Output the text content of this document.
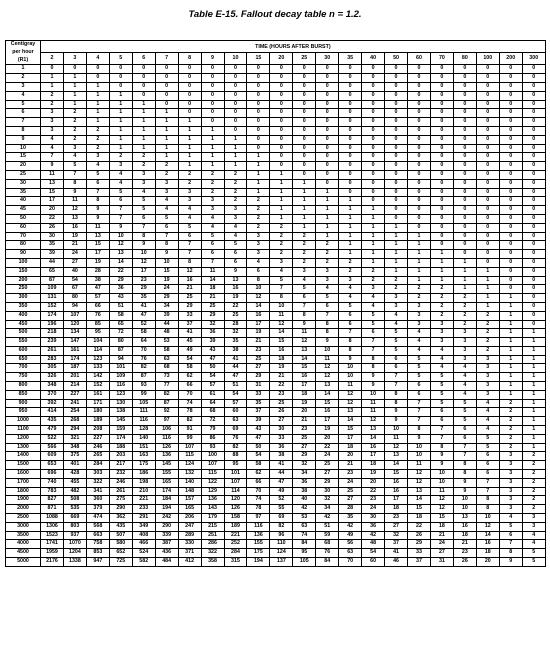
Table E-15. Fallout decay table n = 1.2.
Centigray
per hour
(R1)	TIME (HOURS AFTER BURST)																					
	2	3	4	5	6	7	8	9	10	15	20	25	30	35	40	50	60	70	80	100	200	300
1	0	0	0	0	0	0	0	0	0	0	0	0	0	0	0	0	0	0	0	0	0	0
2	1	1	0	0	0	0	0	0	0	0	0	0	0	0	0	0	0	0	0	0	0	0
3	1	1	1	0	0	0	0	0	0	0	0	0	0	0	0	0	0	0	0	0	0	0
4	2	1	1	1	0	0	0	0	0	0	0	0	0	0	0	0	0	0	0	0	0	0
5	2	1	1	1	1	0	0	0	0	0	0	0	0	0	0	0	0	0	0	0	0	0
6	3	2	1	1	1	1	0	0	0	0	0	0	0	0	0	0	0	0	0	0	0	0
7	3	2	1	1	1	1	1	0	0	0	0	0	0	0	0	0	0	0	0	0	0	0
8	3	2	2	1	1	1	1	1	0	0	0	0	0	0	0	0	0	0	0	0	0	0
9	4	2	2	1	1	1	1	1	1	0	0	0	0	0	0	0	0	0	0	0	0	0
10	4	3	2	1	1	1	1	1	1	0	0	0	0	0	0	0	0	0	0	0	0	0
15	7	4	3	2	2	1	1	1	1	1	0	0	0	0	0	0	0	0	0	0	0	0
20	9	5	4	3	2	2	1	1	1	1	0	0	0	0	0	0	0	0	0	0	0	0
25	11	7	5	4	3	2	2	2	2	1	1	0	0	0	0	0	0	0	0	0	0	0
30	13	8	6	4	3	3	2	2	2	1	1	1	0	0	0	0	0	0	0	0	0	0
35	15	9	7	5	4	3	3	2	2	1	1	1	1	0	0	0	0	0	0	0	0	0
40	17	11	8	6	5	4	3	3	2	2	1	1	1	1	0	0	0	0	0	0	0	0
45	20	12	9	7	5	4	4	3	3	2	1	1	1	1	1	0	0	0	0	0	0	0
50	22	13	9	7	6	5	4	4	3	2	1	1	1	1	1	0	0	0	0	0	0	0
60	26	16	11	9	7	6	5	4	4	2	2	1	1	1	1	1	0	0	0	0	0	0
70	30	19	13	10	8	7	6	5	4	3	2	2	1	1	1	1	1	0	0	0	0	0
80	35	21	15	12	9	8	7	6	5	3	2	2	2	1	1	1	1	0	0	0	0	0
90	39	24	17	13	10	9	7	6	6	3	2	2	2	1	1	1	1	1	0	0	0	0
100	44	27	19	14	12	10	8	7	6	4	3	2	2	2	1	1	1	1	1	0	0	0
150	65	40	28	22	17	15	12	11	9	6	4	3	3	2	2	1	1	1	1	1	0	0
200	87	54	38	29	23	19	16	14	13	8	5	4	3	3	2	2	1	1	1	1	0	0
250	109	67	47	36	29	24	21	18	16	10	7	5	4	4	3	2	2	2	1	1	0	0
300	131	80	57	43	35	29	25	21	19	12	8	6	5	4	4	3	2	2	2	1	1	0
350	152	94	66	51	41	34	29	25	22	14	10	7	6	5	4	3	3	2	2	1	1	0
400	174	107	76	58	47	39	33	29	25	16	11	8	7	6	5	4	3	2	2	2	1	0
450	196	120	85	65	52	44	37	32	28	17	12	9	8	6	5	4	3	3	2	2	1	0
500	218	134	95	72	58	48	41	36	32	19	14	11	8	7	6	5	4	3	3	2	1	1
550	239	147	104	80	64	53	45	39	35	21	15	12	9	8	7	5	4	3	3	2	1	1
600	261	161	114	87	70	58	49	43	38	23	16	13	10	8	7	5	4	4	3	2	1	1
650	283	174	123	94	76	63	54	47	41	25	18	14	11	9	8	6	5	4	3	3	1	1
700	305	187	133	101	82	68	58	50	44	27	19	15	12	10	8	6	5	4	4	3	1	1
750	326	201	142	109	87	73	62	54	47	29	21	16	12	10	9	7	5	5	4	3	1	1
800	348	214	152	116	93	77	66	57	51	31	22	17	13	11	9	7	6	5	4	3	1	1
850	370	227	161	123	99	82	70	61	54	33	23	18	14	12	10	8	6	5	4	3	1	1
900	392	241	171	130	105	87	74	64	57	35	25	19	15	12	11	8	7	5	5	4	2	1
950	414	254	180	138	111	92	78	68	60	37	26	20	16	13	11	9	7	6	5	4	2	1
1000	435	268	189	145	116	97	82	72	63	39	27	21	17	14	12	9	7	6	5	4	2	1
1100	479	294	208	159	128	106	91	79	69	43	30	23	19	15	13	10	8	7	6	4	2	1
1200	522	321	227	174	140	116	99	86	76	47	33	25	20	17	14	11	9	7	6	5	2	1
1300	566	348	246	188	151	126	107	93	82	50	36	27	22	18	16	12	10	8	7	5	2	1
1400	609	375	265	203	163	136	115	100	88	54	38	29	24	20	17	13	10	9	7	6	3	2
1500	653	401	284	217	175	145	124	107	95	58	41	32	25	21	18	14	11	9	8	6	3	2
1600	696	428	303	232	186	155	132	115	101	62	44	34	27	23	19	15	12	10	8	6	3	2
1700	740	455	322	246	198	165	140	122	107	66	47	36	29	24	20	16	12	10	9	7	3	2
1800	783	482	341	261	210	174	148	129	114	70	49	38	30	25	22	16	13	11	9	7	3	2
1900	827	508	360	275	221	184	157	136	120	74	52	40	32	27	23	17	14	12	10	8	3	2
2000	871	535	379	290	233	194	165	143	126	78	55	42	34	28	24	18	15	12	10	8	3	2
2500	1088	669	474	362	291	242	206	179	158	97	69	53	42	35	30	23	18	15	13	10	4	3
3000	1306	803	568	435	349	290	247	215	189	116	82	63	51	42	36	27	22	18	16	12	5	3
3500	1523	937	663	507	408	339	289	251	221	136	96	74	59	49	42	32	26	21	18	14	6	4
4000	1741	1070	758	580	466	387	330	286	252	155	110	84	68	56	48	37	29	24	21	16	7	4
4500	1959	1204	853	652	524	436	371	322	284	175	124	95	76	63	54	41	33	27	23	18	8	5
5000	2176	1338	947	725	582	484	412	358	315	194	137	105	84	70	60	46	37	31	26	20	9	5
